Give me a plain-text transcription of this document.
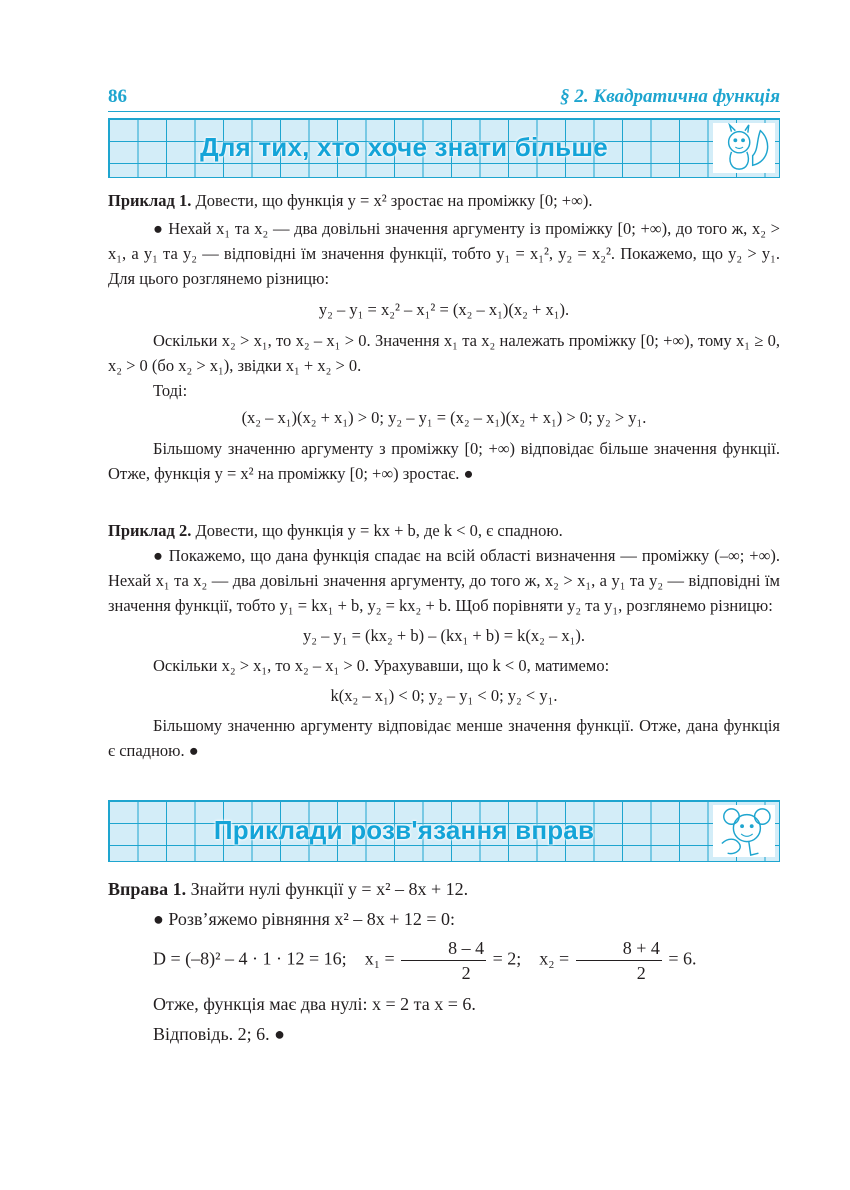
86	§ 2. Квадратична функція
Для тих, хто хоче знати більше

Приклад 1. Довести, що функція y = x² зростає на проміжку [0; +∞).

● Нехай x₁ та x₂ — два довільні значення аргументу із проміжку [0; +∞), до того ж, x₂ > x₁, а y₁ та y₂ — відповідні їм значення функції, тобто y₁ = x₁², y₂ = x₂². Покажемо, що y₂ > y₁. Для цього розглянемо різницю:

y₂ – y₁ = x₂² – x₁² = (x₂ – x₁)(x₂ + x₁).

Оскільки x₂ > x₁, то x₂ – x₁ > 0. Значення x₁ та x₂ належать проміжку [0; +∞), тому x₁ ≥ 0, x₂ > 0 (бо x₂ > x₁), звідки x₁ + x₂ > 0.

Тоді:

(x₂ – x₁)(x₂ + x₁) > 0; y₂ – y₁ = (x₂ – x₁)(x₂ + x₁) > 0; y₂ > y₁.

Більшому значенню аргументу з проміжку [0; +∞) відповідає більше значення функції. Отже, функція y = x² на проміжку [0; +∞) зростає. ●

Приклад 2. Довести, що функція y = kx + b, де k < 0, є спадною.

● Покажемо, що дана функція спадає на всій області визначення — проміжку (–∞; +∞). Нехай x₁ та x₂ — два довільні значення аргументу, до того ж, x₂ > x₁, а y₁ та y₂ — відповідні їм значення функції, тобто y₁ = kx₁ + b, y₂ = kx₂ + b. Щоб порівняти y₂ та y₁, розглянемо різницю:

y₂ – y₁ = (kx₂ + b) – (kx₁ + b) = k(x₂ – x₁).

Оскільки x₂ > x₁, то x₂ – x₁ > 0. Урахувавши, що k < 0, матимемо:

k(x₂ – x₁) < 0; y₂ – y₁ < 0; y₂ < y₁.

Більшому значенню аргументу відповідає менше значення функції. Отже, дана функція є спадною. ●

Приклади розв'язання вправ

Вправа 1. Знайти нулі функції y = x² – 8x + 12.

● Розв’яжемо рівняння x² – 8x + 12 = 0:

D = (–8)² – 4 · 1 · 12 = 16; $x_1 = \frac{8 - 4}{2} = 2$; $x_2 = \frac{8 + 4}{2} = 6$.

Отже, функція має два нулі: x = 2 та x = 6.

Відповідь. 2; 6. ●
